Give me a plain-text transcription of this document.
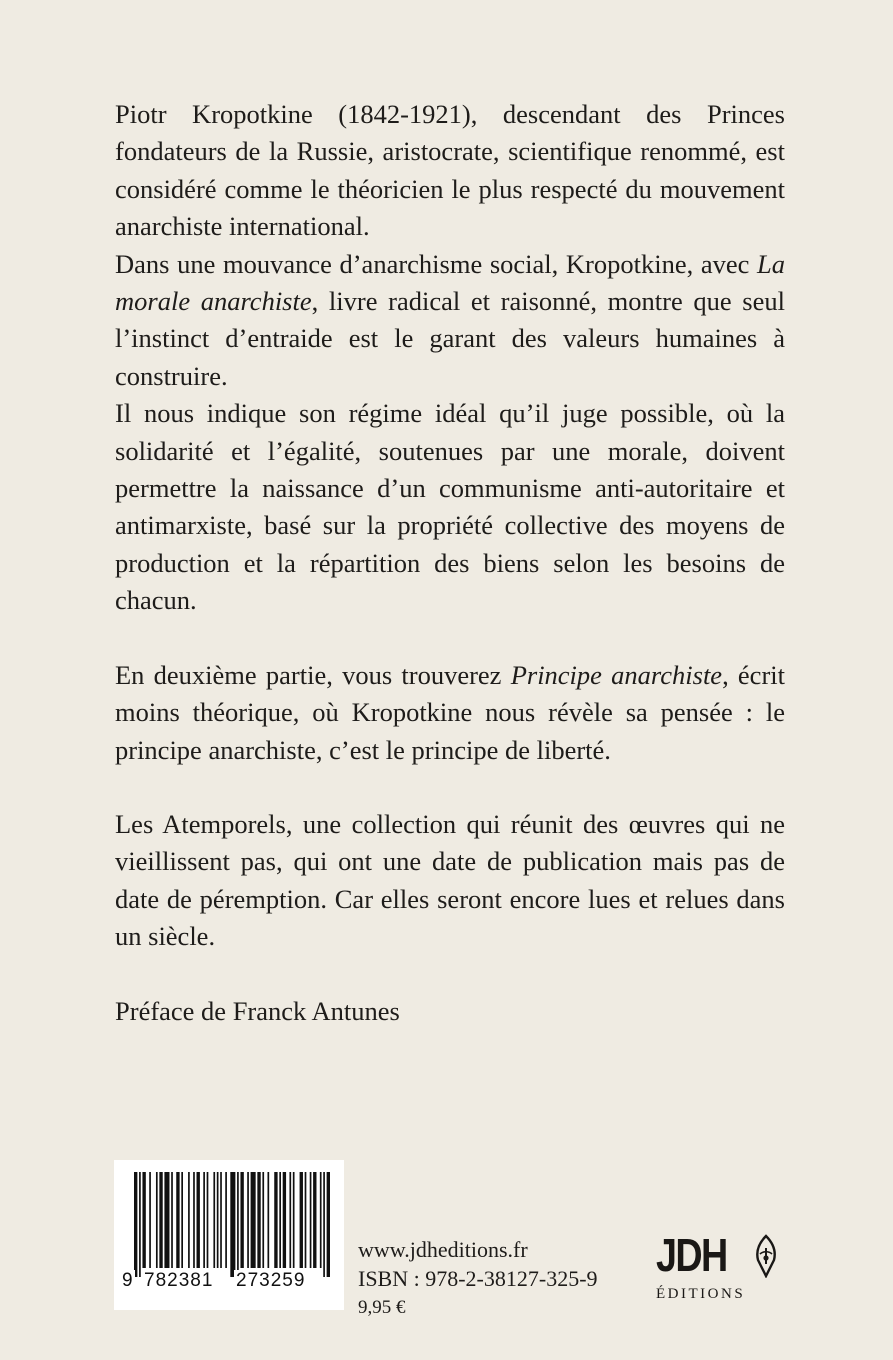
Piotr Kropotkine (1842-1921), descendant des Princes fondateurs de la Russie, aristocrate, scientifique renommé, est considéré comme le théoricien le plus respecté du mouvement anarchiste international.

Dans une mouvance d’anarchisme social, Kropotkine, avec La morale anarchiste, livre radical et raisonné, montre que seul l’instinct d’entraide est le garant des valeurs humaines à construire.

Il nous indique son régime idéal qu’il juge possible, où la solidarité et l’égalité, soutenues par une morale, doivent permettre la naissance d’un communisme anti-autoritaire et antimarxiste, basé sur la propriété collective des moyens de production et la répartition des biens selon les besoins de chacun.

En deuxième partie, vous trouverez Principe anarchiste, écrit moins théorique, où Kropotkine nous révèle sa pensée : le principe anarchiste, c’est le principe de liberté.

Les Atemporels, une collection qui réunit des œuvres qui ne vieillissent pas, qui ont une date de publication mais pas de date de péremption. Car elles seront encore lues et relues dans un siècle.

Préface de Franck Antunes

9 782381 273259
www.jdheditions.fr
ISBN : 978-2-38127-325-9
9,95 €
JDH
ÉDITIONS
